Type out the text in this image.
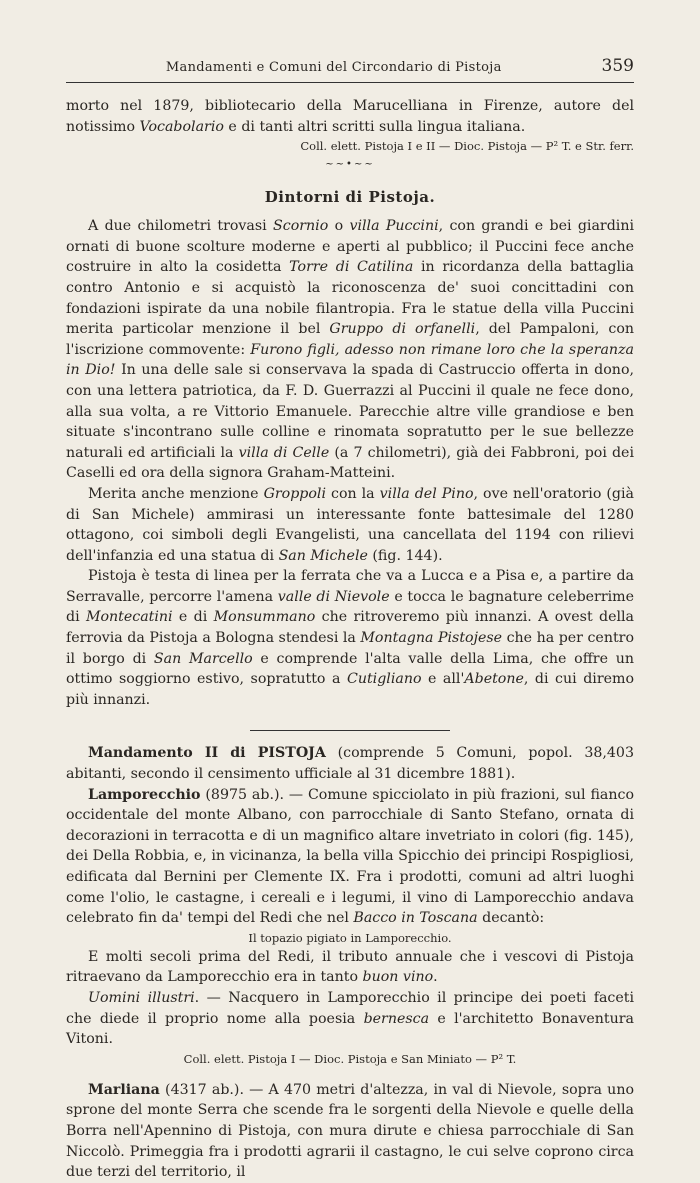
Mandamenti e Comuni del Circondario di Pistoja	359

morto nel 1879, bibliotecario della Marucelliana in Firenze, autore del notissimo Vocabolario e di tanti altri scritti sulla lingua italiana.

Coll. elett. Pistoja I e II — Dioc. Pistoja — P² T. e Str. ferr.

~~•~~
Dintorni di Pistoja.

A due chilometri trovasi Scornio o villa Puccini, con grandi e bei giardini ornati di buone scolture moderne e aperti al pubblico; il Puccini fece anche costruire in alto la cosidetta Torre di Catilina in ricordanza della battaglia contro Antonio e si acquistò la riconoscenza de' suoi concittadini con fondazioni ispirate da una nobile filantropia. Fra le statue della villa Puccini merita particolar menzione il bel Gruppo di orfanelli, del Pampaloni, con l'iscrizione commovente: Furono figli, adesso non rimane loro che la speranza in Dio! In una delle sale si conservava la spada di Castruccio offerta in dono, con una lettera patriotica, da F. D. Guerrazzi al Puccini il quale ne fece dono, alla sua volta, a re Vittorio Emanuele. Parecchie altre ville grandiose e ben situate s'incontrano sulle colline e rinomata sopratutto per le sue bellezze naturali ed artificiali la villa di Celle (a 7 chilometri), già dei Fabbroni, poi dei Caselli ed ora della signora Graham-Matteini.

Merita anche menzione Groppoli con la villa del Pino, ove nell'oratorio (già di San Michele) ammirasi un interessante fonte battesimale del 1280 ottagono, coi simboli degli Evangelisti, una cancellata del 1194 con rilievi dell'infanzia ed una statua di San Michele (fig. 144).

Pistoja è testa di linea per la ferrata che va a Lucca e a Pisa e, a partire da Serravalle, percorre l'amena valle di Nievole e tocca le bagnature celeberrime di Montecatini e di Monsummano che ritroveremo più innanzi. A ovest della ferrovia da Pistoja a Bologna stendesi la Montagna Pistojese che ha per centro il borgo di San Marcello e comprende l'alta valle della Lima, che offre un ottimo soggiorno estivo, sopratutto a Cutigliano e all'Abetone, di cui diremo più innanzi.

Mandamento II di PISTOJA (comprende 5 Comuni, popol. 38,403 abitanti, secondo il censimento ufficiale al 31 dicembre 1881).

Lamporecchio (8975 ab.). — Comune spicciolato in più frazioni, sul fianco occidentale del monte Albano, con parrocchiale di Santo Stefano, ornata di decorazioni in terracotta e di un magnifico altare invetriato in colori (fig. 145), dei Della Robbia, e, in vicinanza, la bella villa Spicchio dei principi Rospigliosi, edificata dal Bernini per Clemente IX. Fra i prodotti, comuni ad altri luoghi come l'olio, le castagne, i cereali e i legumi, il vino di Lamporecchio andava celebrato fin da' tempi del Redi che nel Bacco in Toscana decantò:

Il topazio pigiato in Lamporecchio.

E molti secoli prima del Redi, il tributo annuale che i vescovi di Pistoja ritraevano da Lamporecchio era in tanto buon vino.

Uomini illustri. — Nacquero in Lamporecchio il principe dei poeti faceti che diede il proprio nome alla poesia bernesca e l'architetto Bonaventura Vitoni.

Coll. elett. Pistoja I — Dioc. Pistoja e San Miniato — P² T.

Marliana (4317 ab.). — A 470 metri d'altezza, in val di Nievole, sopra uno sprone del monte Serra che scende fra le sorgenti della Nievole e quelle della Borra nell'Apennino di Pistoja, con mura dirute e chiesa parrocchiale di San Niccolò. Primeggia fra i prodotti agrarii il castagno, le cui selve coprono circa due terzi del territorio, il
